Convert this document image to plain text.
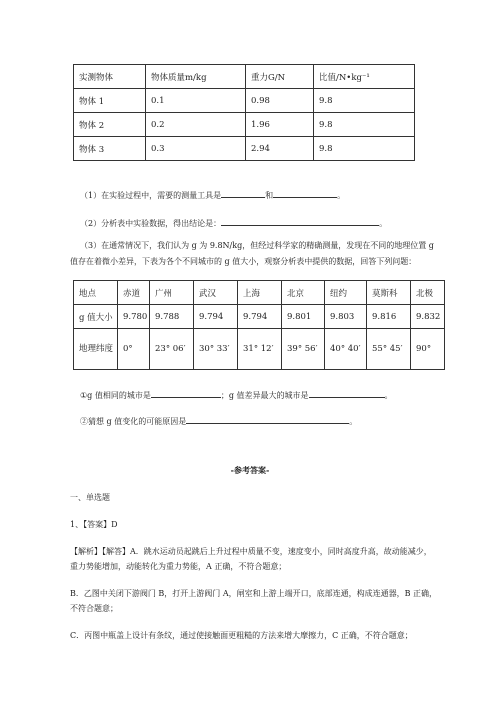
实测物体	物体质量m/kg	重力G/N	比值/N•kg⁻¹
物体 1	0.1	0.98	9.8
物体 2	0.2	1.96	9.8
物体 3	0.3	2.94	9.8
（1）在实验过程中，需要的测量工具是	和	。
（2）分析表中实验数据，得出结论是：	。
（3）在通常情况下，我们认为 g 为 9.8N/kg，但经过科学家的精确测量，发现在不同的地理位置 g
值存在着微小差异，下表为各个不同城市的 g 值大小，观察分析表中提供的数据，回答下列问题：
地点	赤道	广州	武汉	上海	北京	纽约	莫斯科	北极
g 值大小	9.780	9.788	9.794	9.794	9.801	9.803	9.816	9.832
地理纬度	0°	23° 06′	30° 33′	31° 12′	39° 56′	40° 40′	55° 45′	90°
①g 值相同的城市是	；g 值差异最大的城市是	。
②猜想 g 值变化的可能原因是	。
-参考答案-
一、单选题
1、【答案】D
【解析】【解答】A．跳水运动员起跳后上升过程中质量不变，速度变小，同时高度升高，故动能减少，
重力势能增加，动能转化为重力势能，A 正确，不符合题意；
B．乙图中关闭下游阀门 B，打开上游阀门 A，闸室和上游上端开口，底部连通，构成连通器，B 正确，
不符合题意；
C．丙图中瓶盖上设计有条纹，通过使接触面更粗糙的方法来增大摩擦力，C 正确，不符合题意；
